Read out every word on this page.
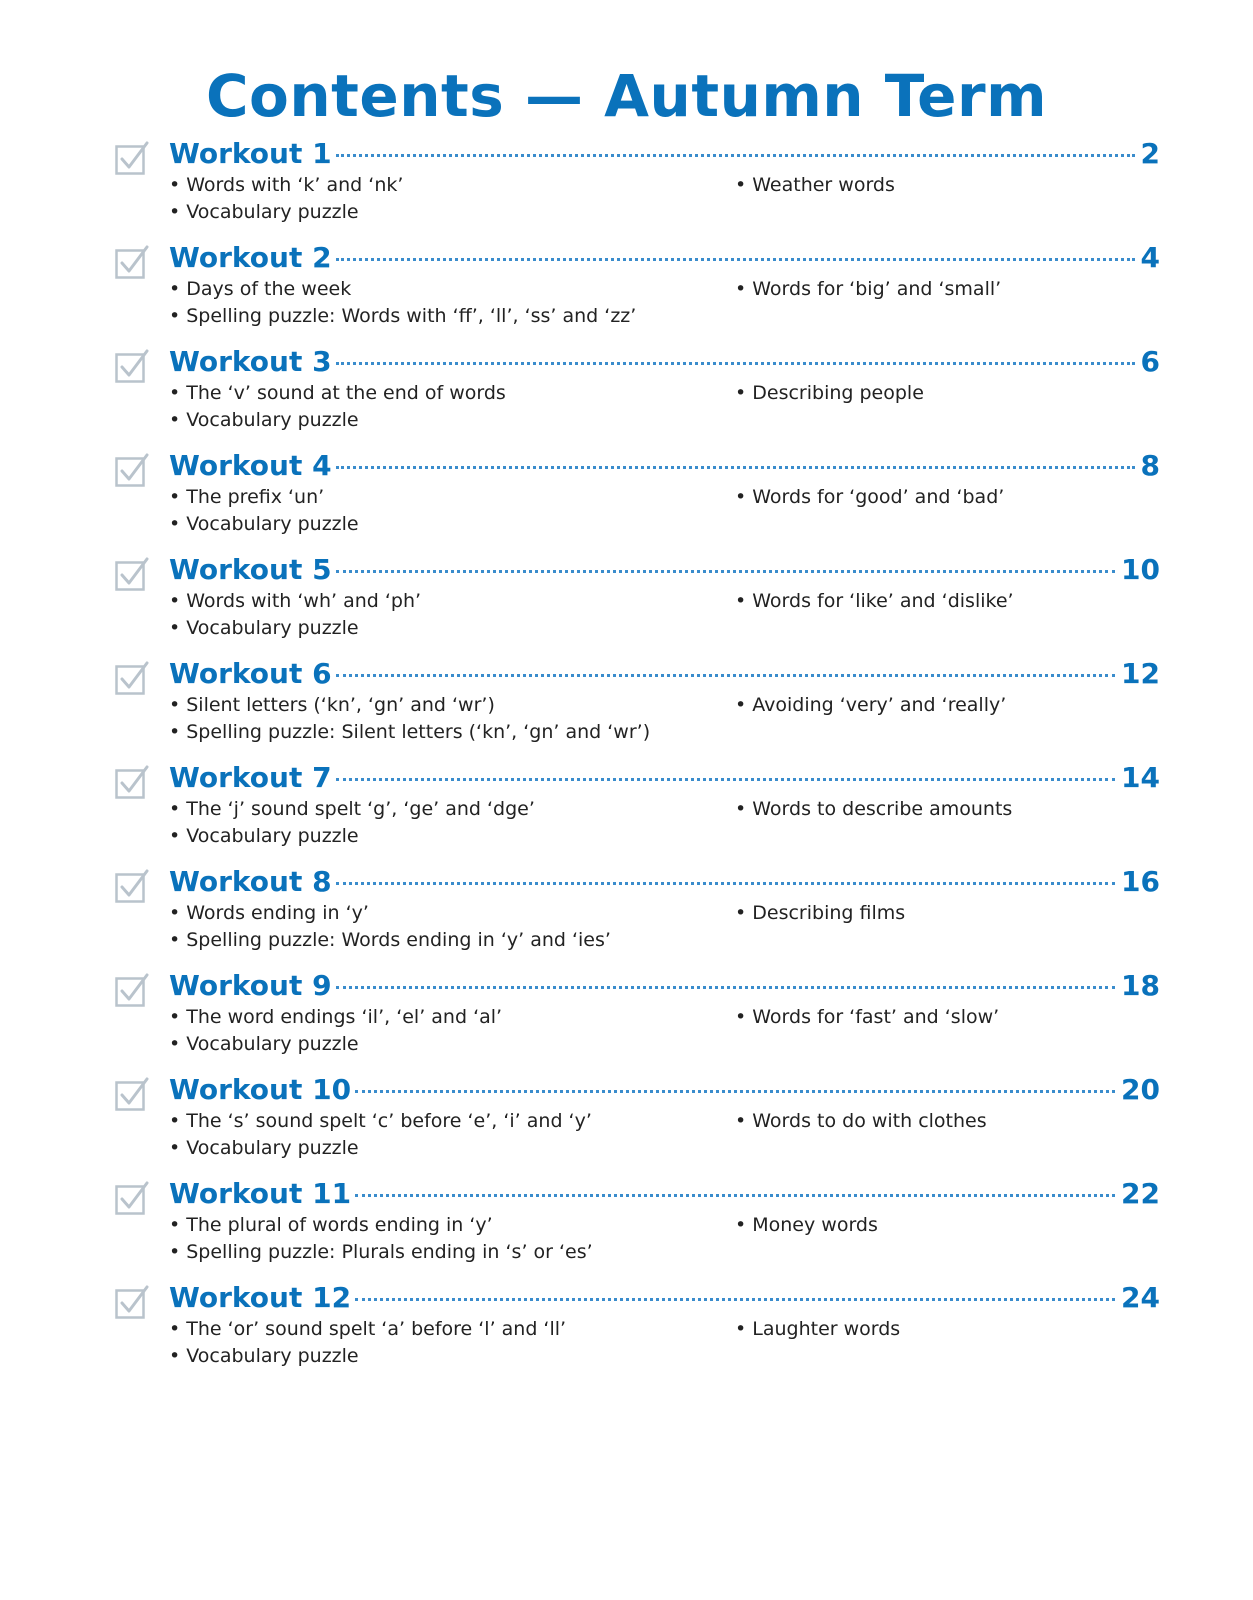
Contents — Autumn Term
Workout 1	2
• Words with ‘k’ and ‘nk’
• Vocabulary puzzle
• Weather words
Workout 2	4
• Days of the week
• Spelling puzzle: Words with ‘ff’, ‘ll’, ‘ss’ and ‘zz’
• Words for ‘big’ and ‘small’
Workout 3	6
• The ‘v’ sound at the end of words
• Vocabulary puzzle
• Describing people
Workout 4	8
• The prefix ‘un’
• Vocabulary puzzle
• Words for ‘good’ and ‘bad’
Workout 5	10
• Words with ‘wh’ and ‘ph’
• Vocabulary puzzle
• Words for ‘like’ and ‘dislike’
Workout 6	12
• Silent letters (‘kn’, ‘gn’ and ‘wr’)
• Spelling puzzle: Silent letters (‘kn’, ‘gn’ and ‘wr’)
• Avoiding ‘very’ and ‘really’
Workout 7	14
• The ‘j’ sound spelt ‘g’, ‘ge’ and ‘dge’
• Vocabulary puzzle
• Words to describe amounts
Workout 8	16
• Words ending in ‘y’
• Spelling puzzle: Words ending in ‘y’ and ‘ies’
• Describing films
Workout 9	18
• The word endings ‘il’, ‘el’ and ‘al’
• Vocabulary puzzle
• Words for ‘fast’ and ‘slow’
Workout 10	20
• The ‘s’ sound spelt ‘c’ before ‘e’, ‘i’ and ‘y’
• Vocabulary puzzle
• Words to do with clothes
Workout 11	22
• The plural of words ending in ‘y’
• Spelling puzzle: Plurals ending in ‘s’ or ‘es’
• Money words
Workout 12	24
• The ‘or’ sound spelt ‘a’ before ‘l’ and ‘ll’
• Vocabulary puzzle
• Laughter words
